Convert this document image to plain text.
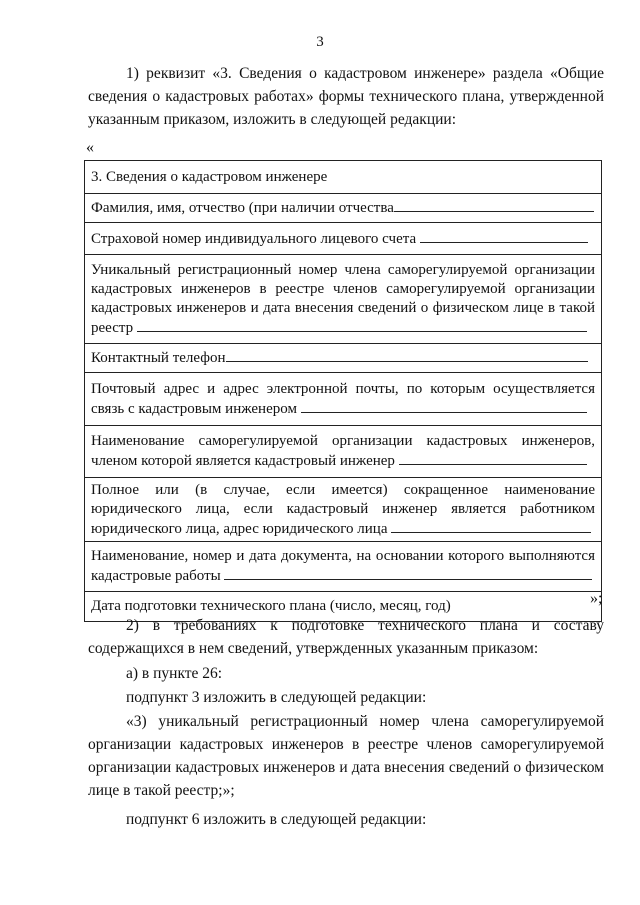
3
1) реквизит «3. Сведения о кадастровом инженере» раздела «Общие сведения о кадастровых работах» формы технического плана, утвержденной указанным приказом, изложить в следующей редакции:
«
3. Сведения о кадастровом инженере
Фамилия, имя, отчество (при наличии отчества
Страховой номер индивидуального лицевого счета
Уникальный регистрационный номер члена саморегулируемой организации кадастровых инженеров в реестре членов саморегулируемой организации кадастровых инженеров и дата внесения сведений о физическом лице в такой реестр
Контактный телефон
Почтовый адрес и адрес электронной почты, по которым осуществляется связь с кадастровым инженером
Наименование саморегулируемой организации кадастровых инженеров, членом которой является кадастровый инженер
Полное или (в случае, если имеется) сокращенное наименование юридического лица, если кадастровый инженер является работником юридического лица, адрес юридического лица
Наименование, номер и дата документа, на основании которого выполняются кадастровые работы
Дата подготовки технического плана (число, месяц, год)	»;
2) в требованиях к подготовке технического плана и составу содержащихся в нем сведений, утвержденных указанным приказом:
а) в пункте 26:
подпункт 3 изложить в следующей редакции:
«3) уникальный регистрационный номер члена саморегулируемой организации кадастровых инженеров в реестре членов саморегулируемой организации кадастровых инженеров и дата внесения сведений о физическом лице в такой реестр;»;
подпункт 6 изложить в следующей редакции:
